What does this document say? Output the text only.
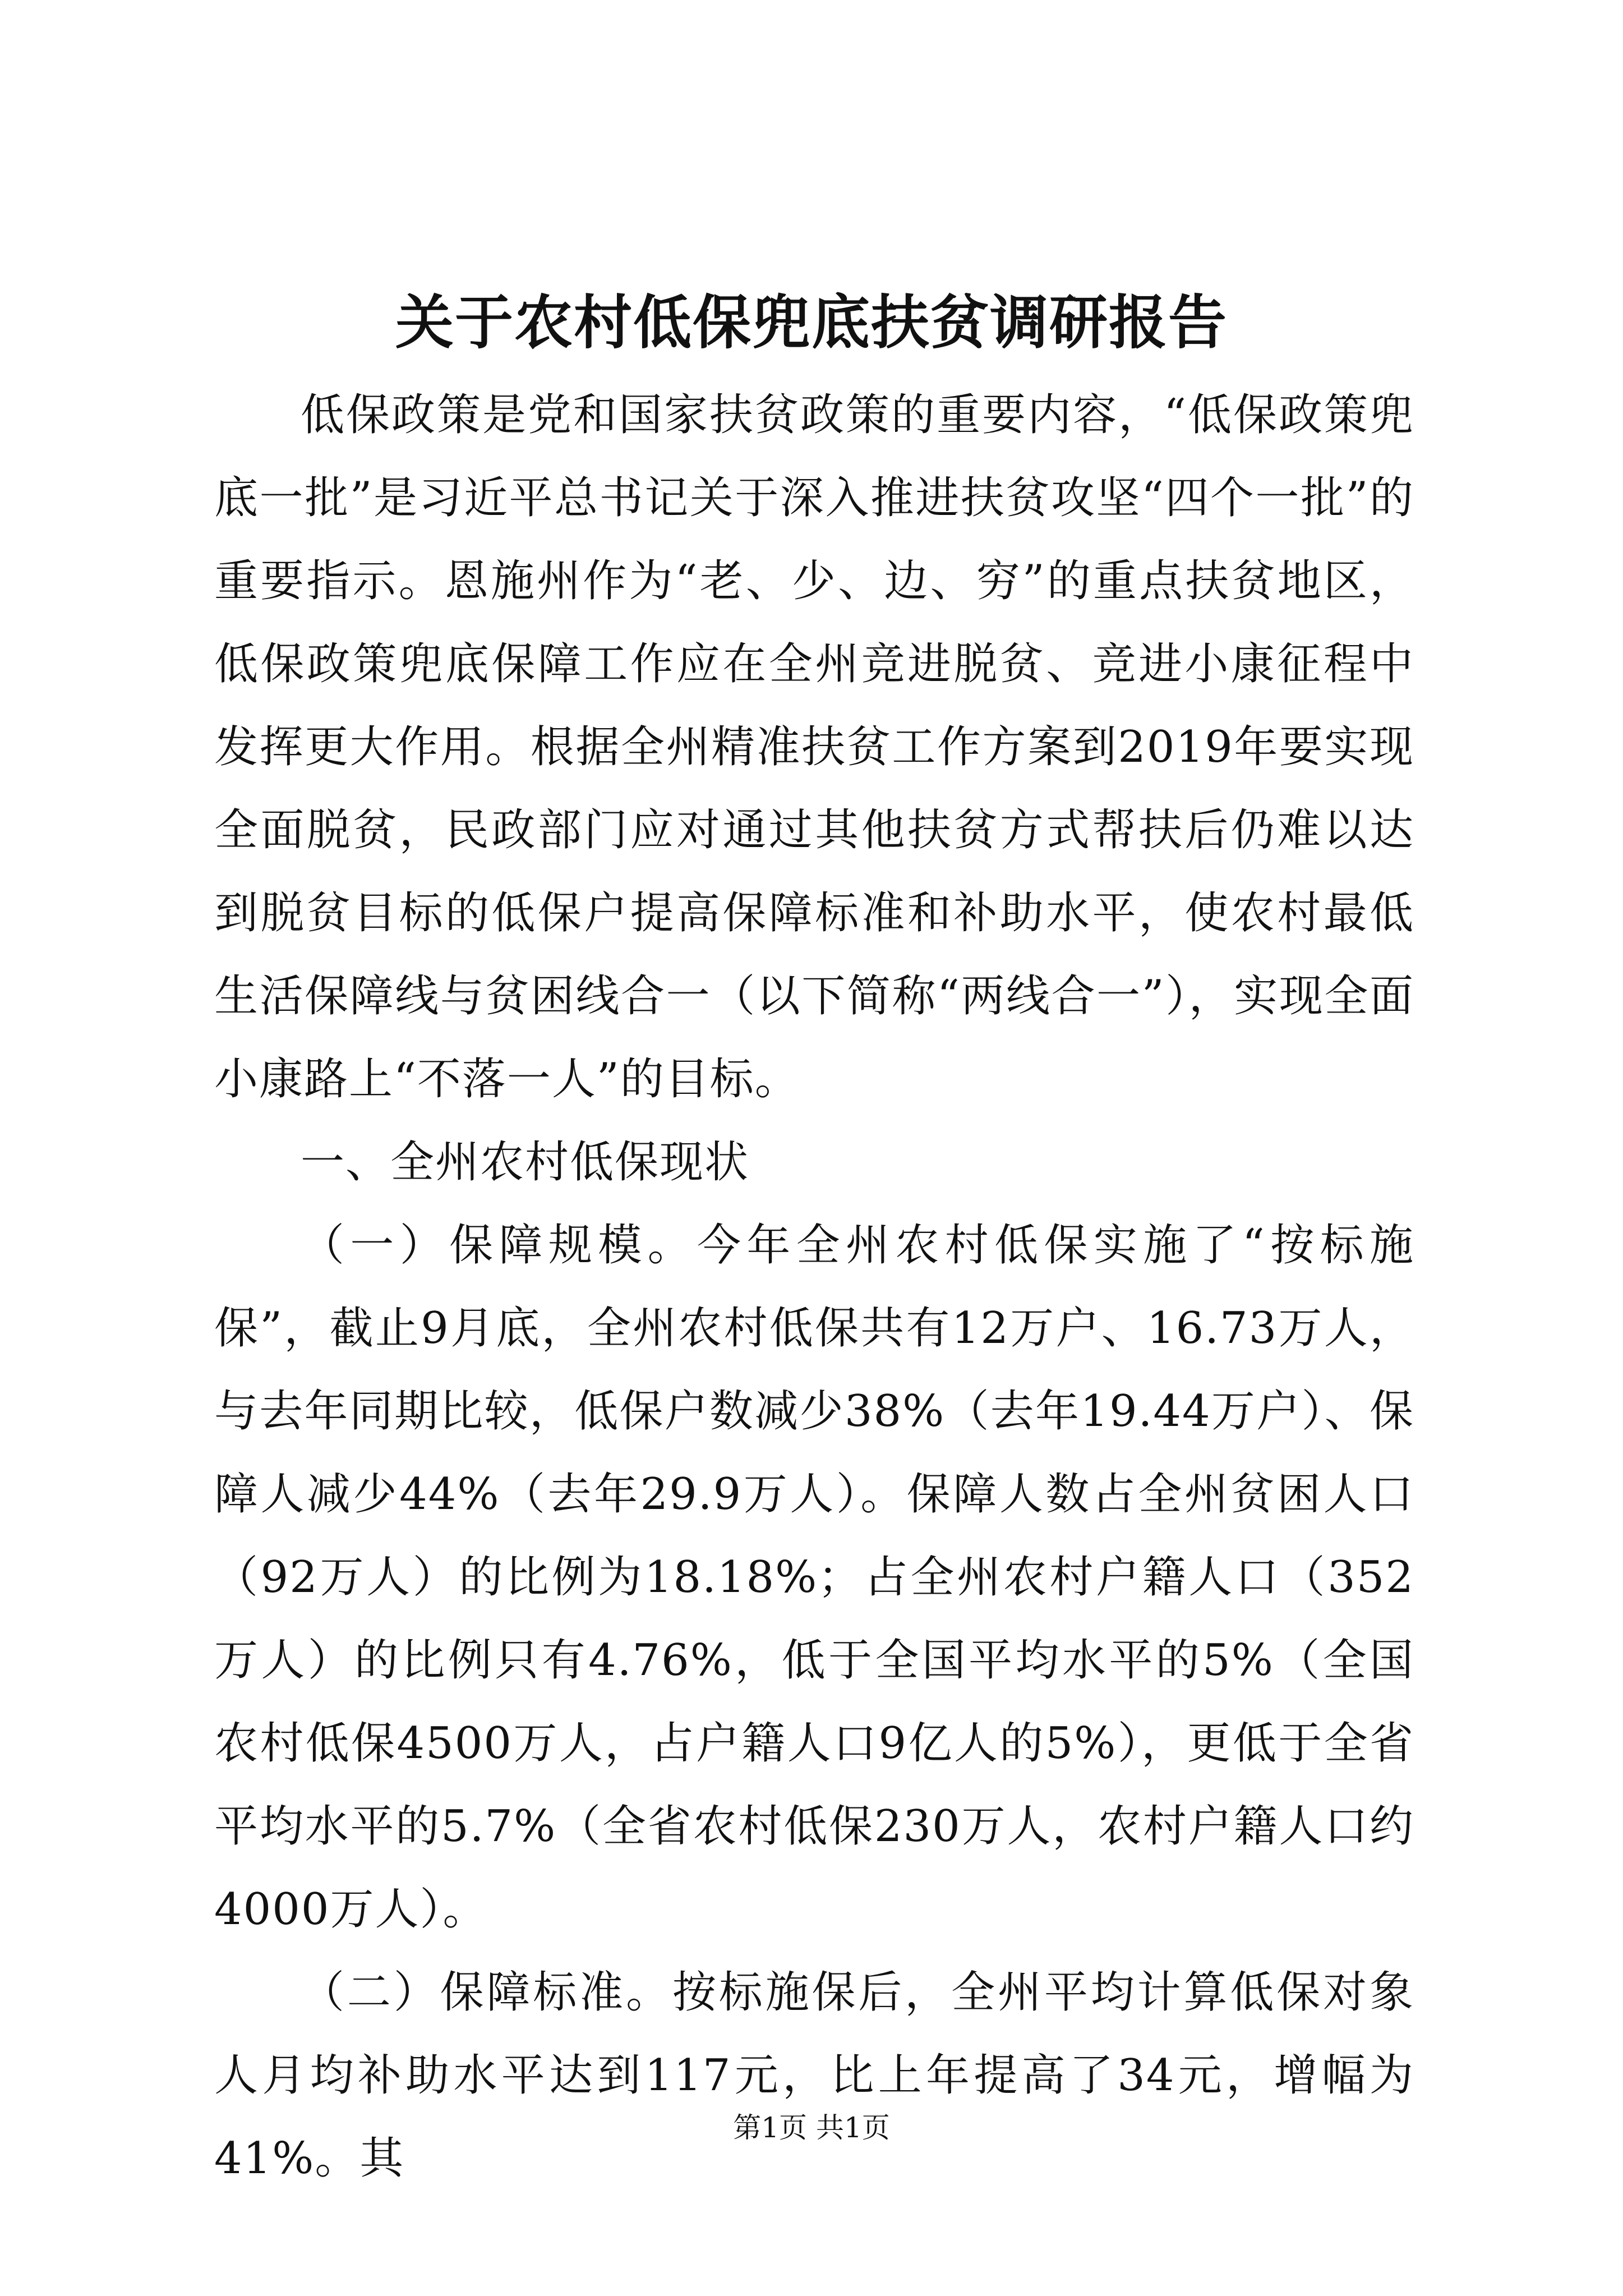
关于农村低保兜底扶贫调研报告

低保政策是党和国家扶贫政策的重要内容，“低保政策兜底一批”是习近平总书记关于深入推进扶贫攻坚“四个一批”的重要指示。恩施州作为“老、少、边、穷”的重点扶贫地区，低保政策兜底保障工作应在全州竞进脱贫、竞进小康征程中发挥更大作用。根据全州精准扶贫工作方案到2019年要实现全面脱贫，民政部门应对通过其他扶贫方式帮扶后仍难以达到脱贫目标的低保户提高保障标准和补助水平，使农村最低生活保障线与贫困线合一（以下简称“两线合一”），实现全面小康路上“不落一人”的目标。

一、全州农村低保现状

（一）保障规模。今年全州农村低保实施了“按标施保”，截止9月底，全州农村低保共有12万户、16.73万人，与去年同期比较，低保户数减少38%（去年19.44万户）、保障人减少44%（去年29.9万人）。保障人数占全州贫困人口（92万人）的比例为18.18%；占全州农村户籍人口（352万人）的比例只有4.76%，低于全国平均水平的5%（全国农村低保4500万人，占户籍人口9亿人的5%），更低于全省平均水平的5.7%（全省农村低保230万人，农村户籍人口约4000万人）。

（二）保障标准。按标施保后，全州平均计算低保对象人月均补助水平达到117元，比上年提高了34元，增幅为41%。其

第1页 共1页
